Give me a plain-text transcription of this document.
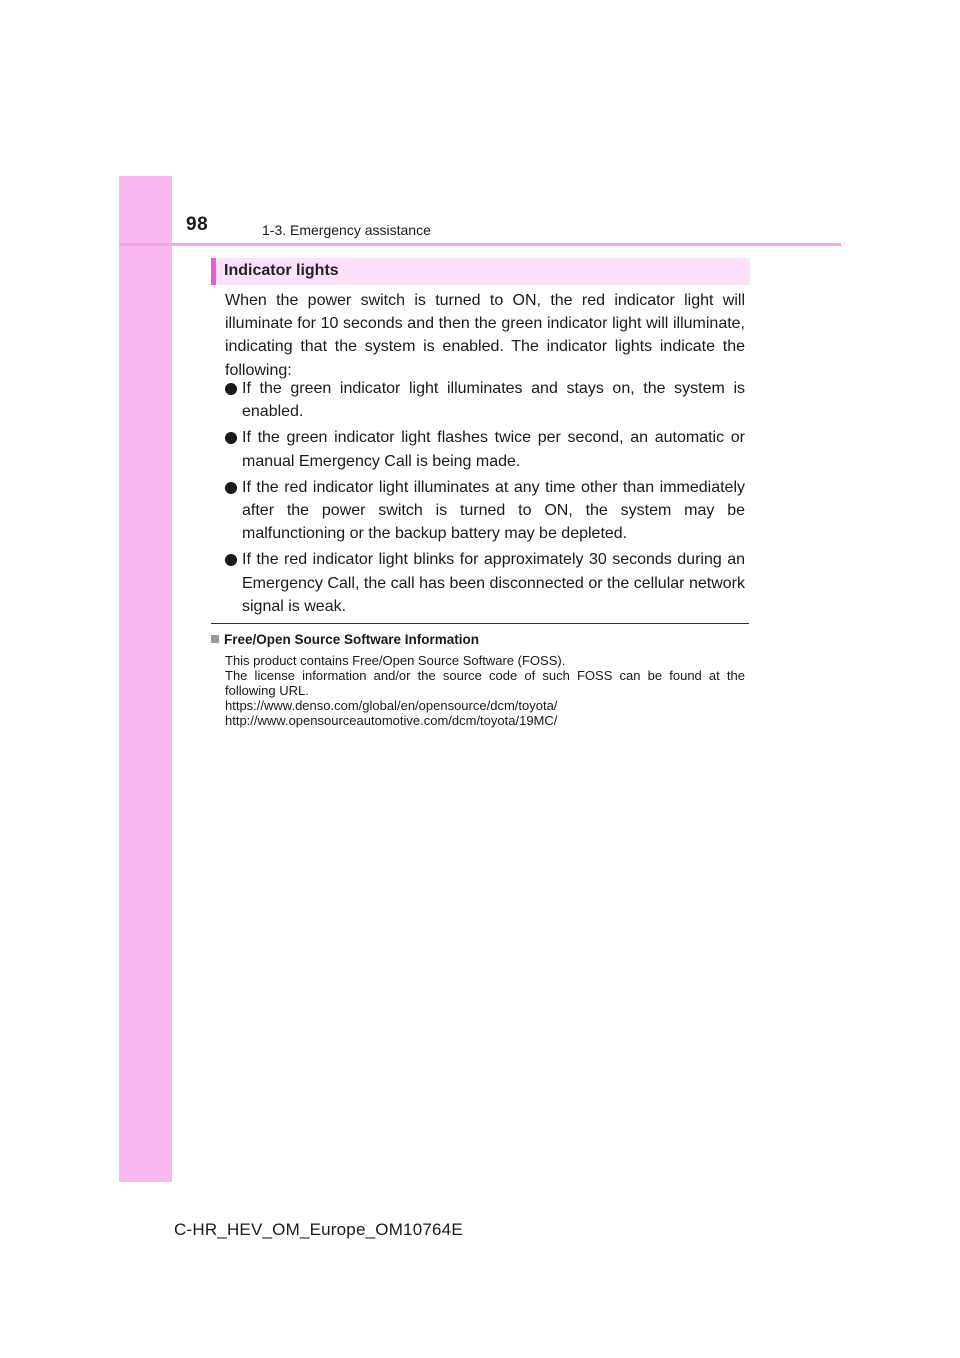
98	1-3. Emergency assistance
Indicator lights
When the power switch is turned to ON, the red indicator light will illuminate for 10 seconds and then the green indicator light will illuminate, indicating that the system is enabled. The indicator lights indicate the following:
If the green indicator light illuminates and stays on, the system is enabled.
If the green indicator light flashes twice per second, an automatic or manual Emergency Call is being made.
If the red indicator light illuminates at any time other than immediately after the power switch is turned to ON, the system may be malfunctioning or the backup battery may be depleted.
If the red indicator light blinks for approximately 30 seconds during an Emergency Call, the call has been disconnected or the cellular network signal is weak.
Free/Open Source Software Information

This product contains Free/Open Source Software (FOSS).

The license information and/or the source code of such FOSS can be found at the following URL.

https://www.denso.com/global/en/opensource/dcm/toyota/

http://www.opensourceautomotive.com/dcm/toyota/19MC/

C-HR_HEV_OM_Europe_OM10764E
